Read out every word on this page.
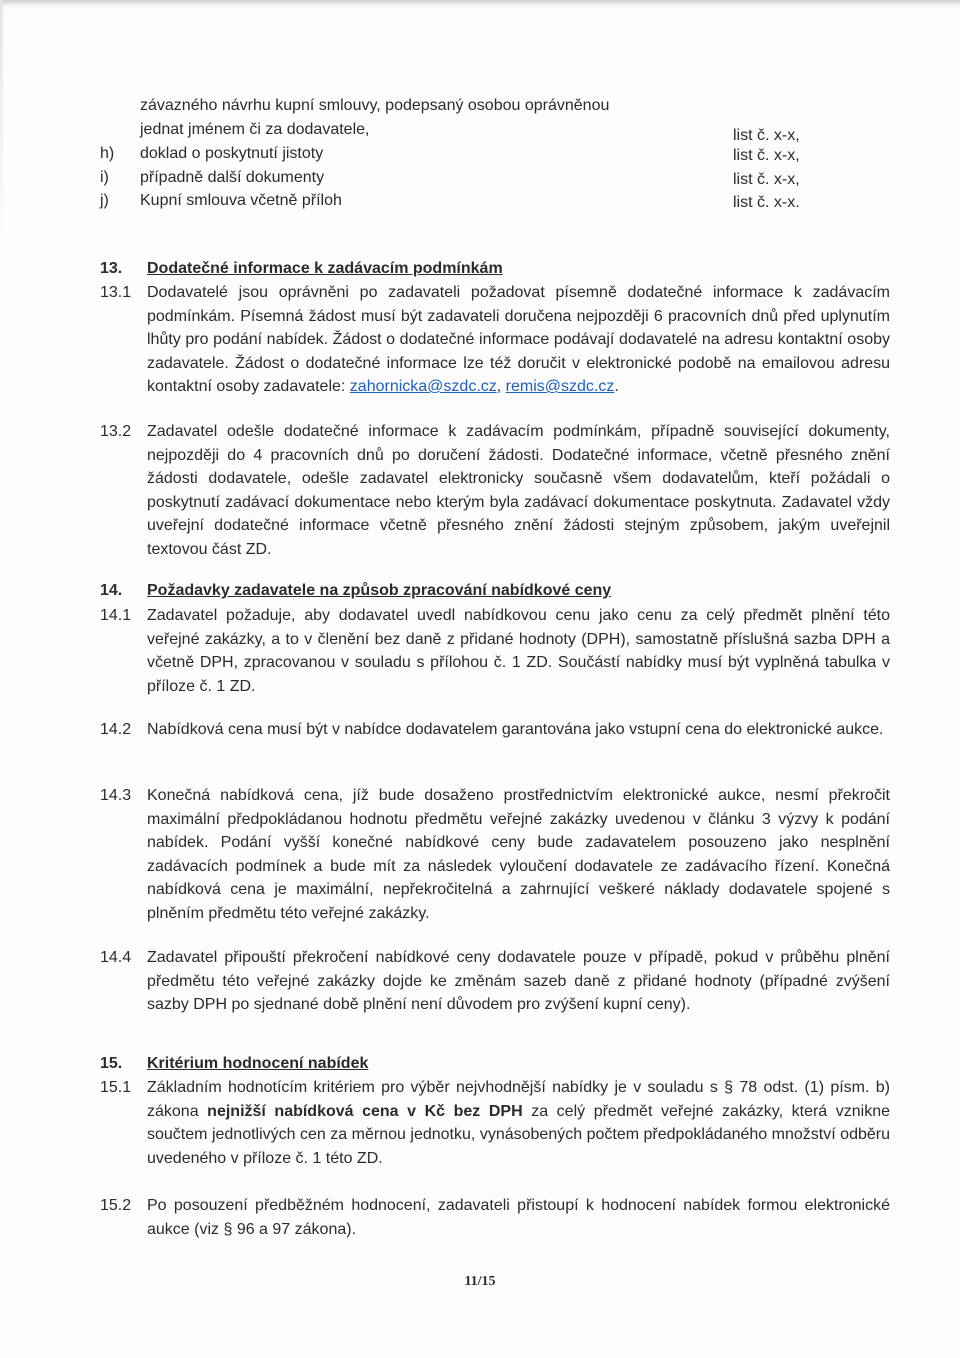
závazného návrhu kupní smlouvy, podepsaný osobou oprávněnou
jednat jménem či za dodavatele,	list č. x-x,
h)	doklad o poskytnutí jistoty	list č. x-x,
i)	případně další dokumenty	list č. x-x,
j)	Kupní smlouva včetně příloh	list č. x-x.
13. Dodatečné informace k zadávacím podmínkám
13.1 Dodavatelé jsou oprávněni po zadavateli požadovat písemně dodatečné informace k zadávacím podmínkám. Písemná žádost musí být zadavateli doručena nejpozději 6 pracovních dnů před uplynutím lhůty pro podání nabídek. Žádost o dodatečné informace podávají dodavatelé na adresu kontaktní osoby zadavatele. Žádost o dodatečné informace lze též doručit v elektronické podobě na emailovou adresu kontaktní osoby zadavatele: zahornicka@szdc.cz, remis@szdc.cz.
13.2 Zadavatel odešle dodatečné informace k zadávacím podmínkám, případně související dokumenty, nejpozději do 4 pracovních dnů po doručení žádosti. Dodatečné informace, včetně přesného znění žádosti dodavatele, odešle zadavatel elektronicky současně všem dodavatelům, kteří požádali o poskytnutí zadávací dokumentace nebo kterým byla zadávací dokumentace poskytnuta. Zadavatel vždy uveřejní dodatečné informace včetně přesného znění žádosti stejným způsobem, jakým uveřejnil textovou část ZD.
14. Požadavky zadavatele na způsob zpracování nabídkové ceny
14.1 Zadavatel požaduje, aby dodavatel uvedl nabídkovou cenu jako cenu za celý předmět plnění této veřejné zakázky, a to v členění bez daně z přidané hodnoty (DPH), samostatně příslušná sazba DPH a včetně DPH, zpracovanou v souladu s přílohou č. 1 ZD. Součástí nabídky musí být vyplněná tabulka v příloze č. 1 ZD.
14.2 Nabídková cena musí být v nabídce dodavatelem garantována jako vstupní cena do elektronické aukce.
14.3 Konečná nabídková cena, jíž bude dosaženo prostřednictvím elektronické aukce, nesmí překročit maximální předpokládanou hodnotu předmětu veřejné zakázky uvedenou v článku 3 výzvy k podání nabídek. Podání vyšší konečné nabídkové ceny bude zadavatelem posouzeno jako nesplnění zadávacích podmínek a bude mít za následek vyloučení dodavatele ze zadávacího řízení. Konečná nabídková cena je maximální, nepřekročitelná a zahrnující veškeré náklady dodavatele spojené s plněním předmětu této veřejné zakázky.
14.4 Zadavatel připouští překročení nabídkové ceny dodavatele pouze v případě, pokud v průběhu plnění předmětu této veřejné zakázky dojde ke změnám sazeb daně z přidané hodnoty (případné zvýšení sazby DPH po sjednané době plnění není důvodem pro zvýšení kupní ceny).
15. Kritérium hodnocení nabídek
15.1 Základním hodnotícím kritériem pro výběr nejvhodnější nabídky je v souladu s § 78 odst. (1) písm. b) zákona nejnižší nabídková cena v Kč bez DPH za celý předmět veřejné zakázky, která vznikne součtem jednotlivých cen za měrnou jednotku, vynásobených počtem předpokládaného množství odběru uvedeného v příloze č. 1 této ZD.
15.2 Po posouzení předběžném hodnocení, zadavateli přistoupí k hodnocení nabídek formou elektronické aukce (viz § 96 a 97 zákona).
11/15
